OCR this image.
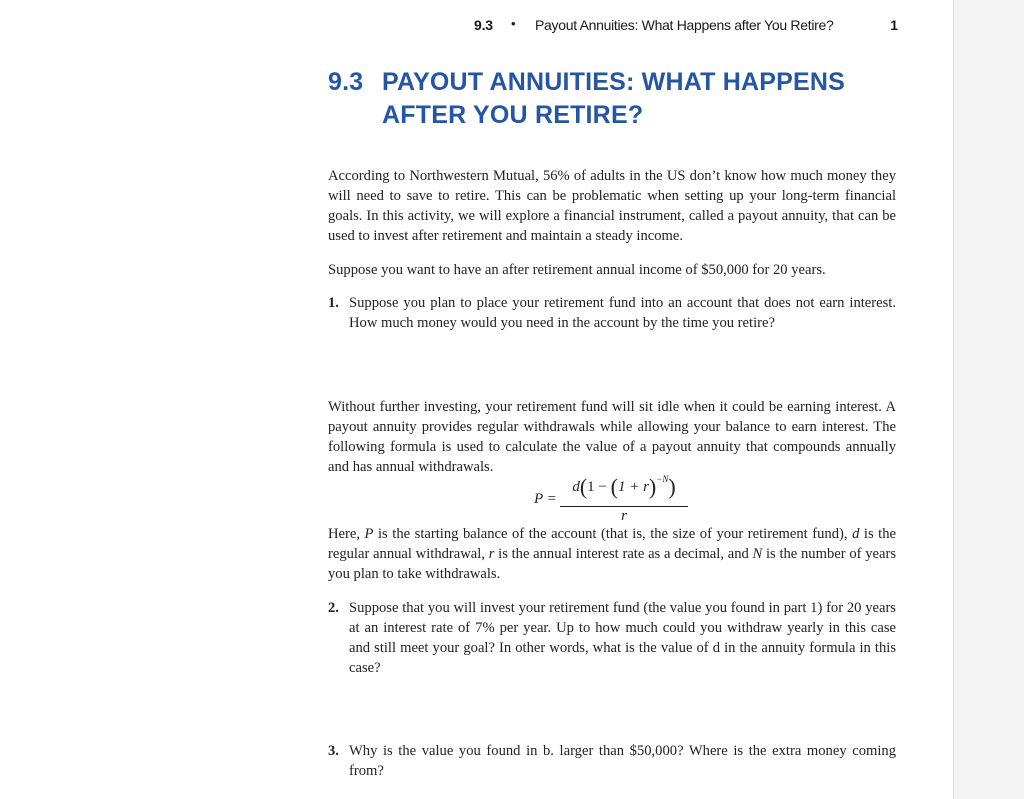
9.3 • Payout Annuities: What Happens after You Retire?	1
9.3 PAYOUT ANNUITIES: WHAT HAPPENS
AFTER YOU RETIRE?
According to Northwestern Mutual, 56% of adults in the US don’t know how much money they will need to save to retire. This can be problematic when setting up your long-term financial goals. In this activity, we will explore a financial instrument, called a payout annuity, that can be used to invest after retirement and maintain a steady income.
Suppose you want to have an after retirement annual income of $50,000 for 20 years.
1. Suppose you plan to place your retirement fund into an account that does not earn interest. How much money would you need in the account by the time you retire?
Without further investing, your retirement fund will sit idle when it could be earning interest. A payout annuity provides regular withdrawals while allowing your balance to earn interest. The following formula is used to calculate the value of a payout annuity that compounds annually and has annual withdrawals.
P =
$d(1 - (1 + r)^{-N})$
r
Here, P is the starting balance of the account (that is, the size of your retirement fund), d is the regular annual withdrawal, r is the annual interest rate as a decimal, and N is the number of years you plan to take withdrawals.
2. Suppose that you will invest your retirement fund (the value you found in part 1) for 20 years at an interest rate of 7% per year. Up to how much could you withdraw yearly in this case and still meet your goal? In other words, what is the value of d in the annuity formula in this case?
3. Why is the value you found in b. larger than $50,000? Where is the extra money coming from?
